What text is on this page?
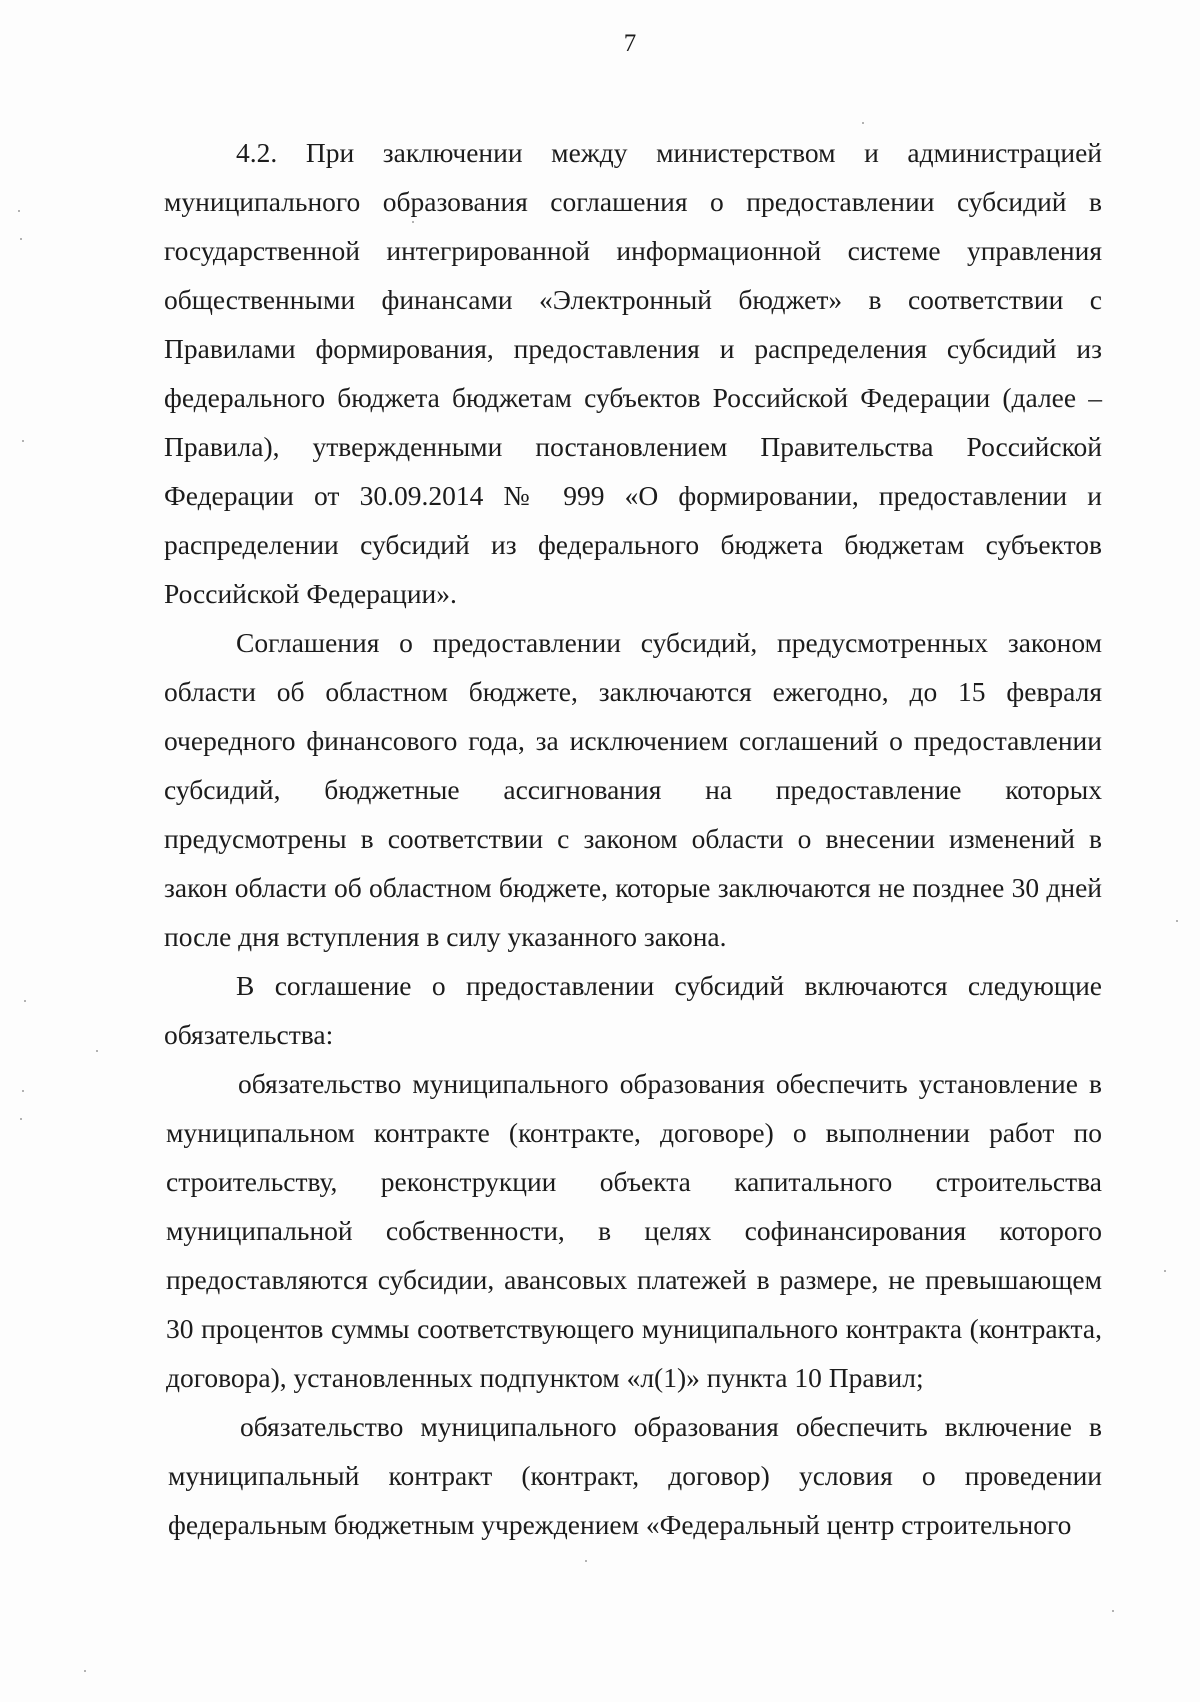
7

4.2. При заключении между министерством и администрацией муниципального образования соглашения о предоставлении субсидий в государственной интегрированной информационной системе управления общественными финансами «Электронный бюджет» в соответствии с Правилами формирования, предоставления и распределения субсидий из федерального бюджета бюджетам субъектов Российской Федерации (далее – Правила), утвержденными постановлением Правительства Российской Федерации от 30.09.2014 № 999 «О формировании, предоставлении и распределении субсидий из федерального бюджета бюджетам субъектов Российской Федерации».

Соглашения о предоставлении субсидий, предусмотренных законом области об областном бюджете, заключаются ежегодно, до 15 февраля очередного финансового года, за исключением соглашений о предоставлении субсидий, бюджетные ассигнования на предоставление которых предусмотрены в соответствии с законом области о внесении изменений в закон области об областном бюджете, которые заключаются не позднее 30 дней после дня вступления в силу указанного закона.

В соглашение о предоставлении субсидий включаются следующие обязательства:

обязательство муниципального образования обеспечить установление в муниципальном контракте (контракте, договоре) о выполнении работ по строительству, реконструкции объекта капитального строительства муниципальной собственности, в целях софинансирования которого предоставляются субсидии, авансовых платежей в размере, не превышающем 30 процентов суммы соответствующего муниципального контракта (контракта, договора), установленных подпунктом «л(1)» пункта 10 Правил;

обязательство муниципального образования обеспечить включение в муниципальный контракт (контракт, договор) условия о проведении федеральным бюджетным учреждением «Федеральный центр строительного
